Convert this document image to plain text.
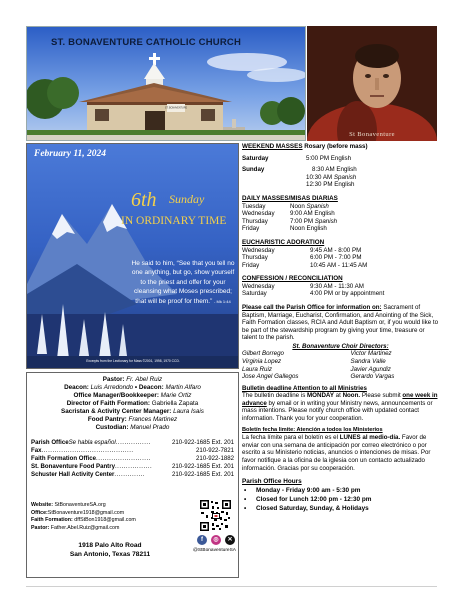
ST. BONAVENTURE
ST. BONAVENTURE CATHOLIC CHURCH
St Bonaventure
February 11, 2024
6th Sunday
IN ORDINARY TIME
He said to him, “See that you tell no one anything, but go, show yourself to the priest and offer for your cleansing what Moses prescribed; that will be proof for them.” - Mk 1:44
Excerpts from the Lectionary for Mass ©2001, 1998, 1970 CCD.
Pastor: Fr. Abel Ruiz
Deacon: Luis Arredondo • Deacon: Martin Alfaro
Office Manager/Bookkeeper: Marie Ortiz
Director of Faith Formation: Gabriella Zapata
Sacristan & Activity Center Manager: Laura Isais
Food Pantry: Frances Martinez
Custodian: Manuel Prado
Parish Office Se habla español ................	210-922-1685 Ext. 201
Fax ..........................................	210-922-7821
Faith Formation Office .........................	210-922-1882
St. Bonaventure Food Pantry .................	210-922-1685 Ext. 201
Schuster Hall Activity Center ..............	210-922-1685 Ext. 201
Website: StBonaventureSA.org
Office:StBonaventure1918@gmail.com
Faith Formation: dffStBon1918@gmail.com
Pastor: Father.Abel.Ruiz@gmail.com
1918 Palo Alto Road
San Antonio, Texas 78211
f	◎	✕
@StBonaventureSA
WEEKEND MASSES Rosary (before mass)
Saturday	5:00 PM English
Sunday	8:30 AM English
10:30 AM Spanish
12:30 PM English
DAILY MASSES/MISAS DIARIAS
Tuesday	Noon Spanish
Wednesday	9:00 AM English
Thursday	7:00 PM Spanish
Friday	Noon English
EUCHARISTIC ADORATION
Wednesday	9:45 AM - 8:00 PM
Thursday	6:00 PM - 7:00 PM
Friday	10:45 AM - 11:45 AM
CONFESSION / RECONCILIATION
Wednesday	9:30 AM - 11:30 AM
Saturday	4:00 PM or by appointment
Please call the Parish Office for information on: Sacrament of Baptism, Marriage, Eucharist, Confirmation, and Anointing of the Sick, Faith Formation classes, RCIA and Adult Baptism or, if you would like to be part of the stewardship program by giving your time, treasure or talent to the parish.
St. Bonaventure Choir Directors:
Gilbert Borrego	Victor Martinez
Virginia Lopez	Sandra Valle
Laura Ruiz	Javier Agundiz
Jose Angel Gallegos	Gerardo Vargas
Bulletin deadline Attention to all Ministries
The bulletin deadline is MONDAY at Noon. Please submit one week in advance by email or in writing your Ministry news, announcements or mass intentions. Please notify church office with updated contact information. Thank you for your cooperation.
Boletín fecha limite: Atención a todos los Ministerios
La fecha límite para el boletín es el LUNES al medio-día. Favor de enviar con una semana de anticipación por correo electrónico o por escrito a su Ministerio noticias, anuncios o intenciones de misas. Por favor notifique a la oficina de la iglesia con un contacto actualizado información. Gracias por su cooperación.
Parish Office Hours
• Monday - Friday 9:00 am - 5:30 pm
• Closed for Lunch 12:00 pm - 12:30 pm
• Closed Saturday, Sunday, & Holidays
